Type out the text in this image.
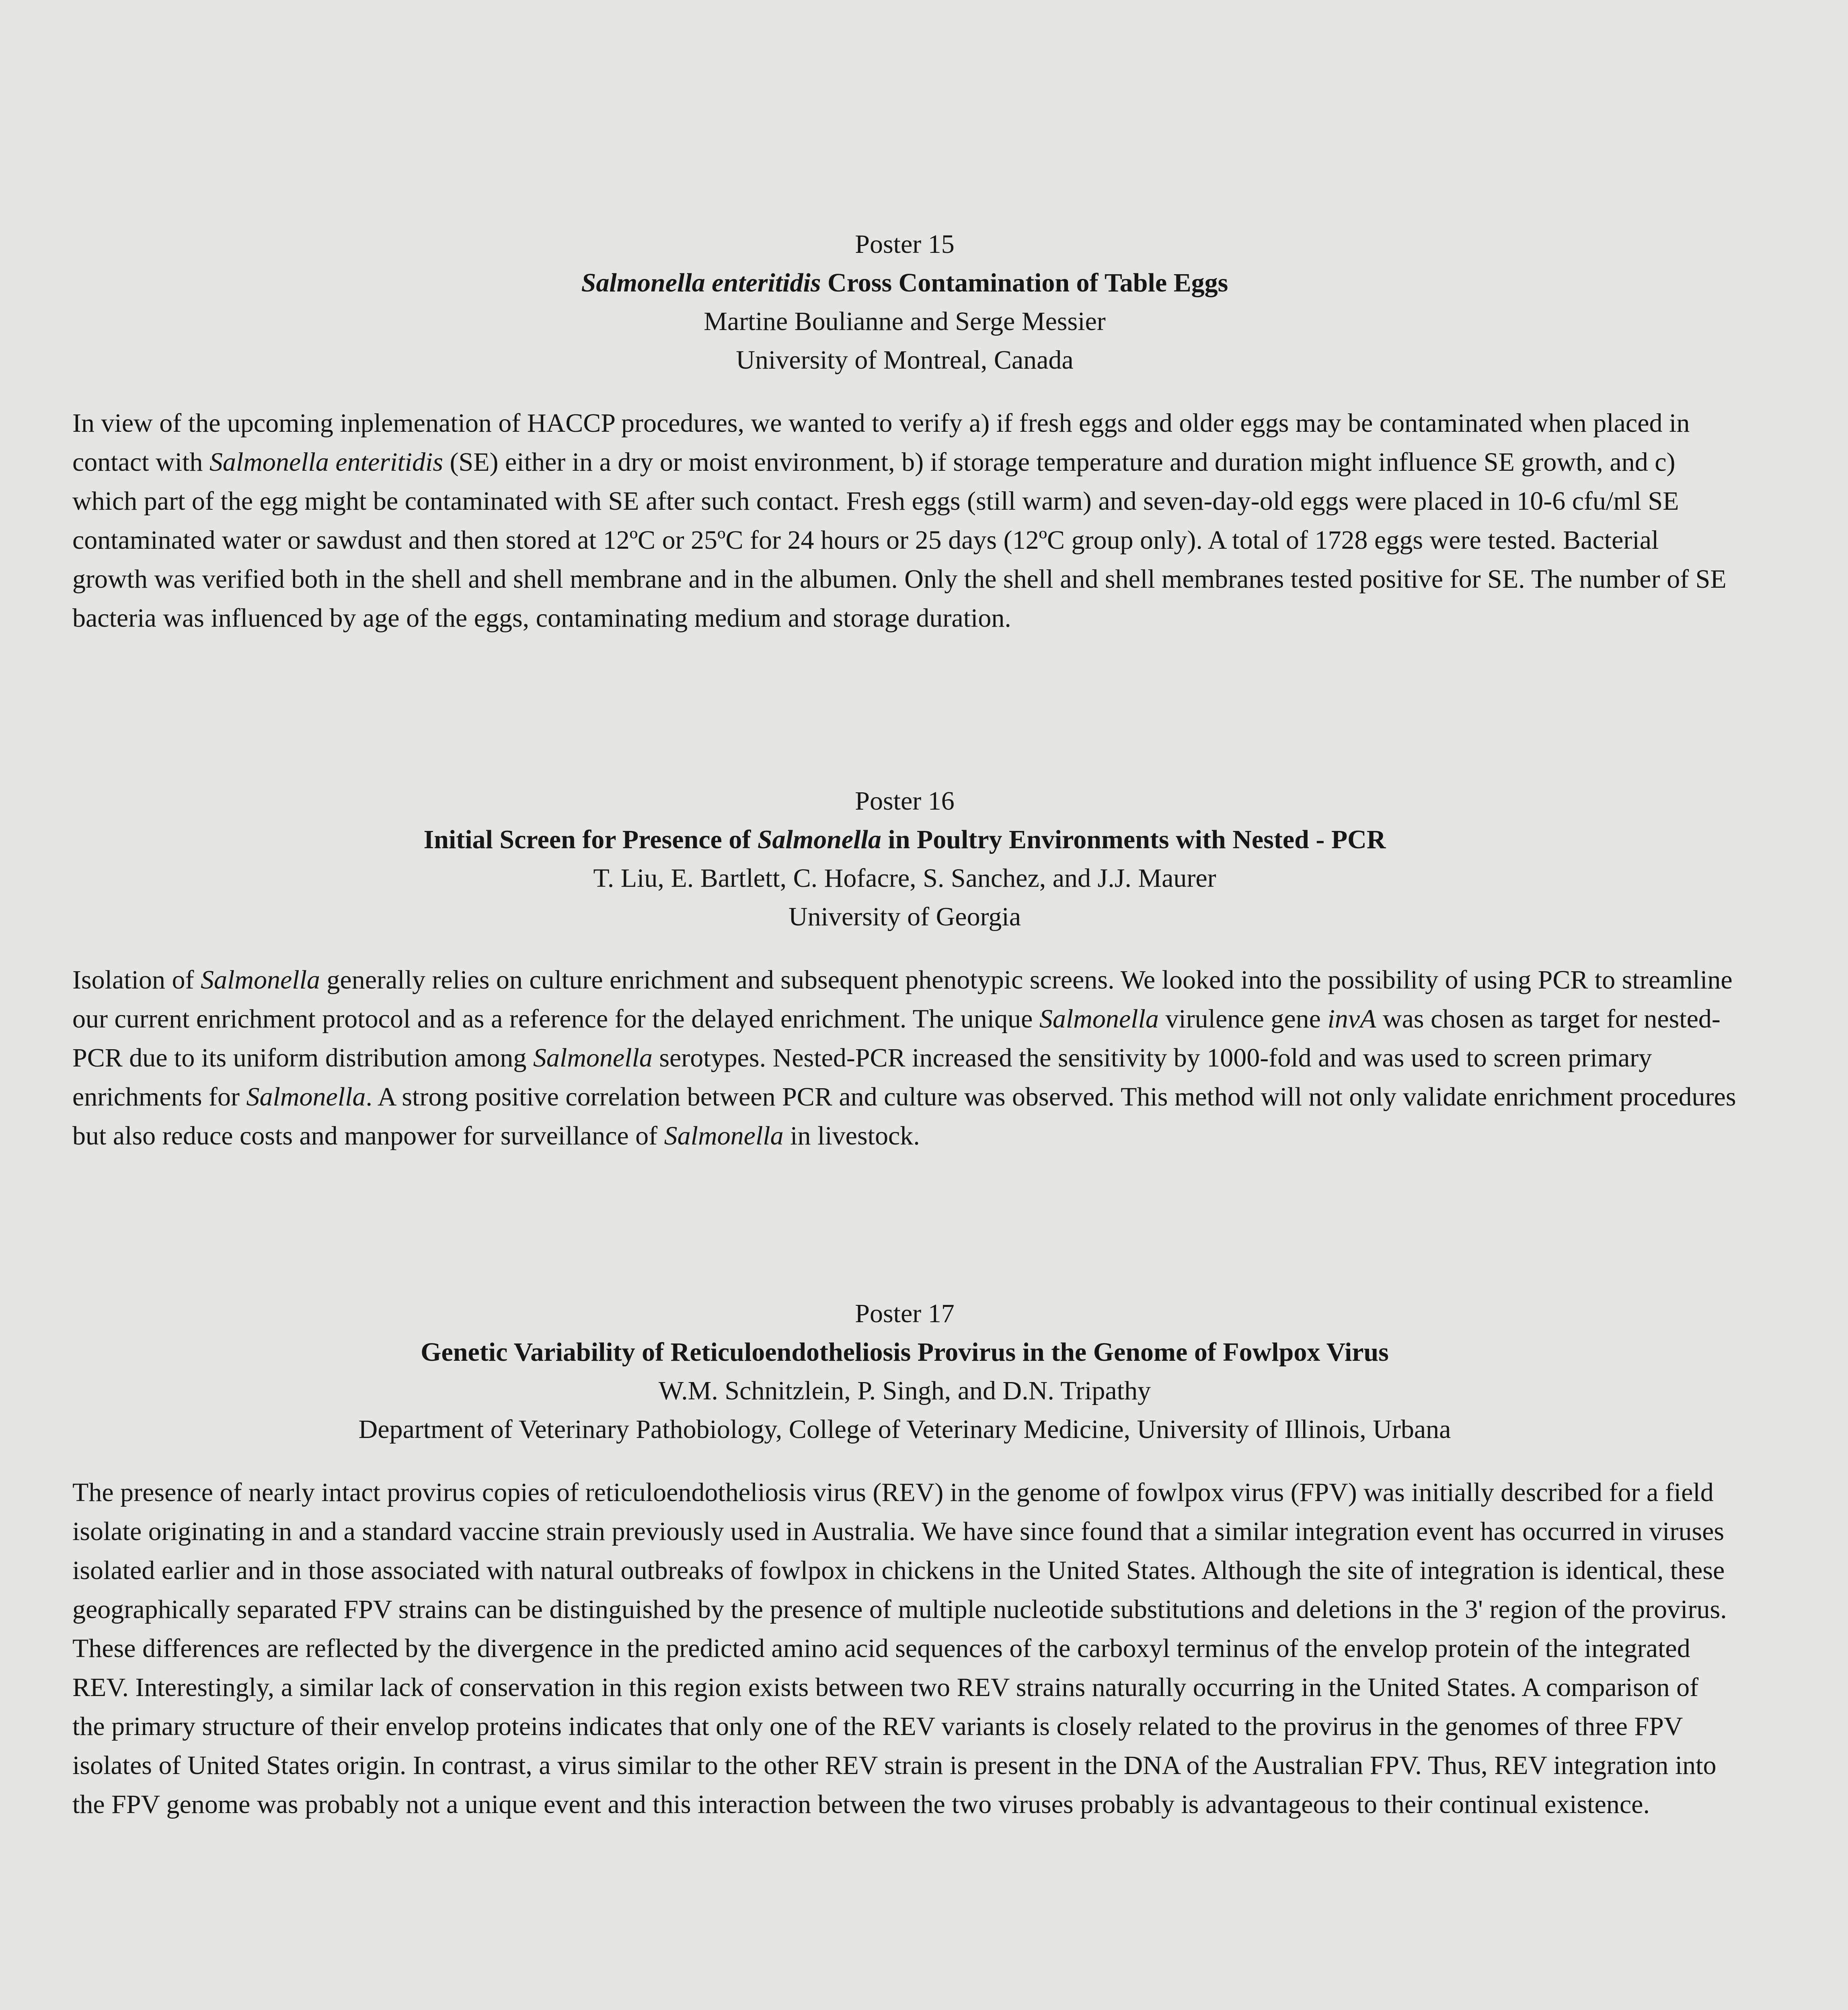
Poster 15
Salmonella enteritidis Cross Contamination of Table Eggs
Martine Boulianne and Serge Messier
University of Montreal, Canada

In view of the upcoming inplemenation of HACCP procedures, we wanted to verify a) if fresh eggs and older eggs may be contaminated when placed in contact with Salmonella enteritidis (SE) either in a dry or moist environment, b) if storage temperature and duration might influence SE growth, and c) which part of the egg might be contaminated with SE after such contact. Fresh eggs (still warm) and seven-day-old eggs were placed in 10-6 cfu/ml SE contaminated water or sawdust and then stored at 12ºC or 25ºC for 24 hours or 25 days (12ºC group only). A total of 1728 eggs were tested. Bacterial growth was verified both in the shell and shell membrane and in the albumen. Only the shell and shell membranes tested positive for SE. The number of SE bacteria was influenced by age of the eggs, contaminating medium and storage duration.

Poster 16
Initial Screen for Presence of Salmonella in Poultry Environments with Nested - PCR
T. Liu, E. Bartlett, C. Hofacre, S. Sanchez, and J.J. Maurer
University of Georgia

Isolation of Salmonella generally relies on culture enrichment and subsequent phenotypic screens. We looked into the possibility of using PCR to streamline our current enrichment protocol and as a reference for the delayed enrichment. The unique Salmonella virulence gene invA was chosen as target for nested-PCR due to its uniform distribution among Salmonella serotypes. Nested-PCR increased the sensitivity by 1000-fold and was used to screen primary enrichments for Salmonella. A strong positive correlation between PCR and culture was observed. This method will not only validate enrichment procedures but also reduce costs and manpower for surveillance of Salmonella in livestock.

Poster 17
Genetic Variability of Reticuloendotheliosis Provirus in the Genome of Fowlpox Virus
W.M. Schnitzlein, P. Singh, and D.N. Tripathy
Department of Veterinary Pathobiology, College of Veterinary Medicine, University of Illinois, Urbana

The presence of nearly intact provirus copies of reticuloendotheliosis virus (REV) in the genome of fowlpox virus (FPV) was initially described for a field isolate originating in and a standard vaccine strain previously used in Australia. We have since found that a similar integration event has occurred in viruses isolated earlier and in those associated with natural outbreaks of fowlpox in chickens in the United States. Although the site of integration is identical, these geographically separated FPV strains can be distinguished by the presence of multiple nucleotide substitutions and deletions in the 3' region of the provirus. These differences are reflected by the divergence in the predicted amino acid sequences of the carboxyl terminus of the envelop protein of the integrated REV. Interestingly, a similar lack of conservation in this region exists between two REV strains naturally occurring in the United States. A comparison of the primary structure of their envelop proteins indicates that only one of the REV variants is closely related to the provirus in the genomes of three FPV isolates of United States origin. In contrast, a virus similar to the other REV strain is present in the DNA of the Australian FPV. Thus, REV integration into the FPV genome was probably not a unique event and this interaction between the two viruses probably is advantageous to their continual existence.
